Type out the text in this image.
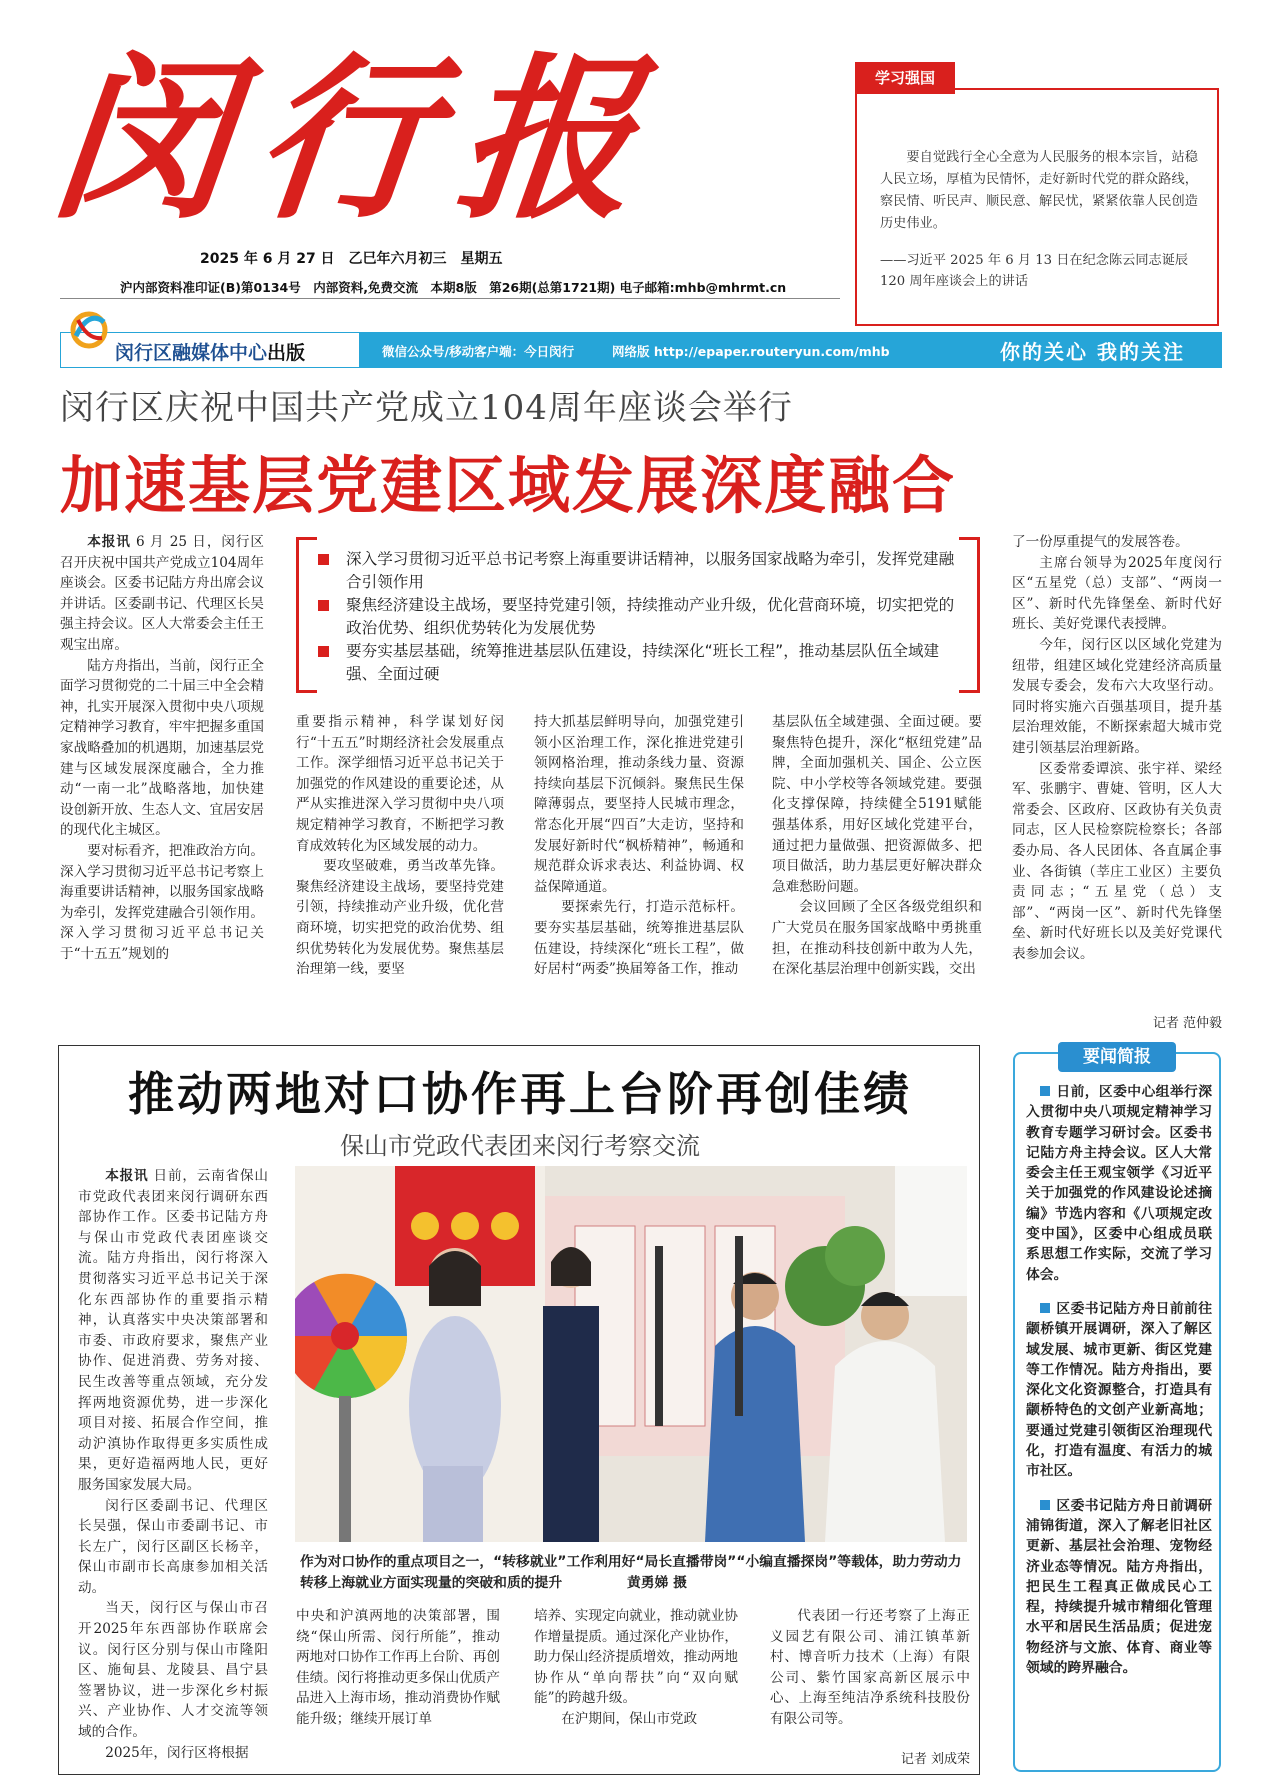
闵行报
2025 年 6 月 27 日　乙巳年六月初三　星期五
沪内部资料准印证(B)第0134号　内部资料,免费交流　本期8版　第26期(总第1721期) 电子邮箱:mhb@mhrmt.cn
闵行区融媒体中心出版	微信公众号/移动客户端：今日闵行	网络版 http://epaper.routeryun.com/mhb	你的关心 我的关注
学习强国

要自觉践行全心全意为人民服务的根本宗旨，站稳人民立场，厚植为民情怀，走好新时代党的群众路线，察民情、听民声、顺民意、解民忧，紧紧依靠人民创造历史伟业。

——习近平 2025 年 6 月 13 日在纪念陈云同志诞辰 120 周年座谈会上的讲话

闵行区庆祝中国共产党成立104周年座谈会举行
加速基层党建区域发展深度融合
深入学习贯彻习近平总书记考察上海重要讲话精神，以服务国家战略为牵引，发挥党建融合引领作用
聚焦经济建设主战场，要坚持党建引领，持续推动产业升级，优化营商环境，切实把党的政治优势、组织优势转化为发展优势
要夯实基层基础，统筹推进基层队伍建设，持续深化“班长工程”，推动基层队伍全域建强、全面过硬

本报讯 6 月 25 日，闵行区召开庆祝中国共产党成立104周年座谈会。区委书记陆方舟出席会议并讲话。区委副书记、代理区长吴强主持会议。区人大常委会主任王观宝出席。

陆方舟指出，当前，闵行正全面学习贯彻党的二十届三中全会精神，扎实开展深入贯彻中央八项规定精神学习教育，牢牢把握多重国家战略叠加的机遇期，加速基层党建与区域发展深度融合，全力推动“一南一北”战略落地，加快建设创新开放、生态人文、宜居安居的现代化主城区。

要对标看齐，把准政治方向。深入学习贯彻习近平总书记考察上海重要讲话精神，以服务国家战略为牵引，发挥党建融合引领作用。深入学习贯彻习近平总书记关于“十五五”规划的

重要指示精神，科学谋划好闵行“十五五”时期经济社会发展重点工作。深学细悟习近平总书记关于加强党的作风建设的重要论述，从严从实推进深入学习贯彻中央八项规定精神学习教育，不断把学习教育成效转化为区域发展的动力。

要攻坚破难，勇当改革先锋。聚焦经济建设主战场，要坚持党建引领，持续推动产业升级，优化营商环境，切实把党的政治优势、组织优势转化为发展优势。聚焦基层治理第一线，要坚

持大抓基层鲜明导向，加强党建引领小区治理工作，深化推进党建引领网格治理，推动条线力量、资源持续向基层下沉倾斜。聚焦民生保障薄弱点，要坚持人民城市理念，常态化开展“四百”大走访，坚持和发展好新时代“枫桥精神”，畅通和规范群众诉求表达、利益协调、权益保障通道。

要探索先行，打造示范标杆。要夯实基层基础，统筹推进基层队伍建设，持续深化“班长工程”，做好居村“两委”换届筹备工作，推动

基层队伍全域建强、全面过硬。要聚焦特色提升，深化“枢纽党建”品牌，全面加强机关、国企、公立医院、中小学校等各领域党建。要强化支撑保障，持续健全5191赋能强基体系，用好区域化党建平台，通过把力量做强、把资源做多、把项目做活，助力基层更好解决群众急难愁盼问题。

会议回顾了全区各级党组织和广大党员在服务国家战略中勇挑重担，在推动科技创新中敢为人先，在深化基层治理中创新实践，交出

了一份厚重提气的发展答卷。

主席台领导为2025年度闵行区“五星党（总）支部”、“两岗一区”、新时代先锋堡垒、新时代好班长、美好党课代表授牌。

今年，闵行区以区域化党建为纽带，组建区域化党建经济高质量发展专委会，发布六大攻坚行动。同时将实施六百强基项目，提升基层治理效能，不断探索超大城市党建引领基层治理新路。

区委常委谭滨、张宇祥、梁经军、张鹏宇、曹婕、管明，区人大常委会、区政府、区政协有关负责同志，区人民检察院检察长；各部委办局、各人民团体、各直属企事业、各街镇（莘庄工业区）主要负责同志；“五星党（总）支部”、“两岗一区”、新时代先锋堡垒、新时代好班长以及美好党课代表参加会议。

记者 范仲毅
推动两地对口协作再上台阶再创佳绩
保山市党政代表团来闵行考察交流

本报讯 日前，云南省保山市党政代表团来闵行调研东西部协作工作。区委书记陆方舟与保山市党政代表团座谈交流。陆方舟指出，闵行将深入贯彻落实习近平总书记关于深化东西部协作的重要指示精神，认真落实中央决策部署和市委、市政府要求，聚焦产业协作、促进消费、劳务对接、民生改善等重点领域，充分发挥两地资源优势，进一步深化项目对接、拓展合作空间，推动沪滇协作取得更多实质性成果，更好造福两地人民，更好服务国家发展大局。

闵行区委副书记、代理区长吴强，保山市委副书记、市长左广，闵行区副区长杨辛，保山市副市长高康参加相关活动。

当天，闵行区与保山市召开2025年东西部协作联席会议。闵行区分别与保山市隆阳区、施甸县、龙陵县、昌宁县签署协议，进一步深化乡村振兴、产业协作、人才交流等领域的合作。

2025年，闵行区将根据

作为对口协作的重点项目之一，“转移就业”工作利用好“局长直播带岗”“小编直播探岗”等载体，助力劳动力转移上海就业方面实现量的突破和质的提升	黄勇娣 摄

中央和沪滇两地的决策部署，围绕“保山所需、闵行所能”，推动两地对口协作工作再上台阶、再创佳绩。闵行将推动更多保山优质产品进入上海市场，推动消费协作赋能升级；继续开展订单

培养、实现定向就业，推动就业协作增量提质。通过深化产业协作，助力保山经济提质增效，推动两地协作从“单向帮扶”向“双向赋能”的跨越升级。

在沪期间，保山市党政

代表团一行还考察了上海正义园艺有限公司、浦江镇革新村、博音听力技术（上海）有限公司、紫竹国家高新区展示中心、上海至纯洁净系统科技股份有限公司等。

记者 刘成荣
要闻简报
日前，区委中心组举行深入贯彻中央八项规定精神学习教育专题学习研讨会。区委书记陆方舟主持会议。区人大常委会主任王观宝领学《习近平关于加强党的作风建设论述摘编》节选内容和《八项规定改变中国》，区委中心组成员联系思想工作实际，交流了学习体会。
区委书记陆方舟日前前往颛桥镇开展调研，深入了解区域发展、城市更新、街区党建等工作情况。陆方舟指出，要深化文化资源整合，打造具有颛桥特色的文创产业新高地；要通过党建引领街区治理现代化，打造有温度、有活力的城市社区。
区委书记陆方舟日前调研浦锦街道，深入了解老旧社区更新、基层社会治理、宠物经济业态等情况。陆方舟指出，把民生工程真正做成民心工程，持续提升城市精细化管理水平和居民生活品质；促进宠物经济与文旅、体育、商业等领域的跨界融合。
